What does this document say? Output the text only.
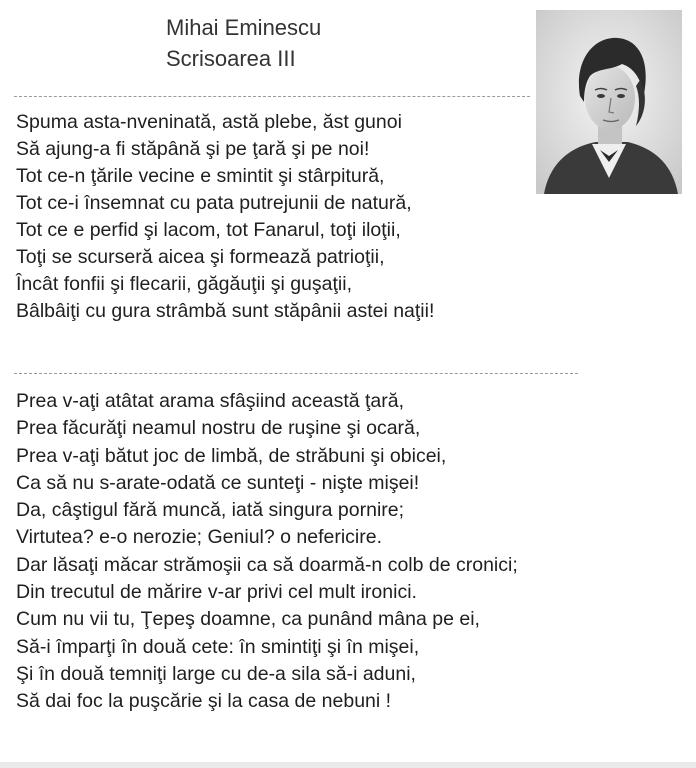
Mihai Eminescu
Scrisoarea III
Spuma asta-nveninată, astă plebe, ăst gunoi
Să ajung-a fi stăpână şi pe ţară şi pe noi!
Tot ce-n ţările vecine e smintit şi stârpitură,
Tot ce-i însemnat cu pata putrejunii de natură,
Tot ce e perfid şi lacom, tot Fanarul, toţi iloţii,
Toţi se scurseră aicea şi formează patrioţii,
Încât fonfii şi flecarii, găgăuţii şi guşaţii,
Bâlbâiţi cu gura strâmbă sunt stăpânii astei naţii!
Prea v-aţi atâtat arama sfâşiind această ţară,
Prea făcurăţi neamul nostru de ruşine şi ocară,
Prea v-aţi bătut joc de limbă, de străbuni şi obicei,
Ca să nu s-arate-odată ce sunteţi - nişte mişei!
Da, câştigul fără muncă, iată singura pornire;
Virtutea? e-o nerozie; Geniul? o nefericire.
Dar lăsaţi măcar strămoşii ca să doarmă-n colb de cronici;
Din trecutul de mărire v-ar privi cel mult ironici.
Cum nu vii tu, Ţepeş doamne, ca punând mâna pe ei,
Să-i împarţi în două cete: în smintiţi şi în mişei,
Şi în două temniţi large cu de-a sila să-i aduni,
Să dai foc la puşcărie şi la casa de nebuni !
